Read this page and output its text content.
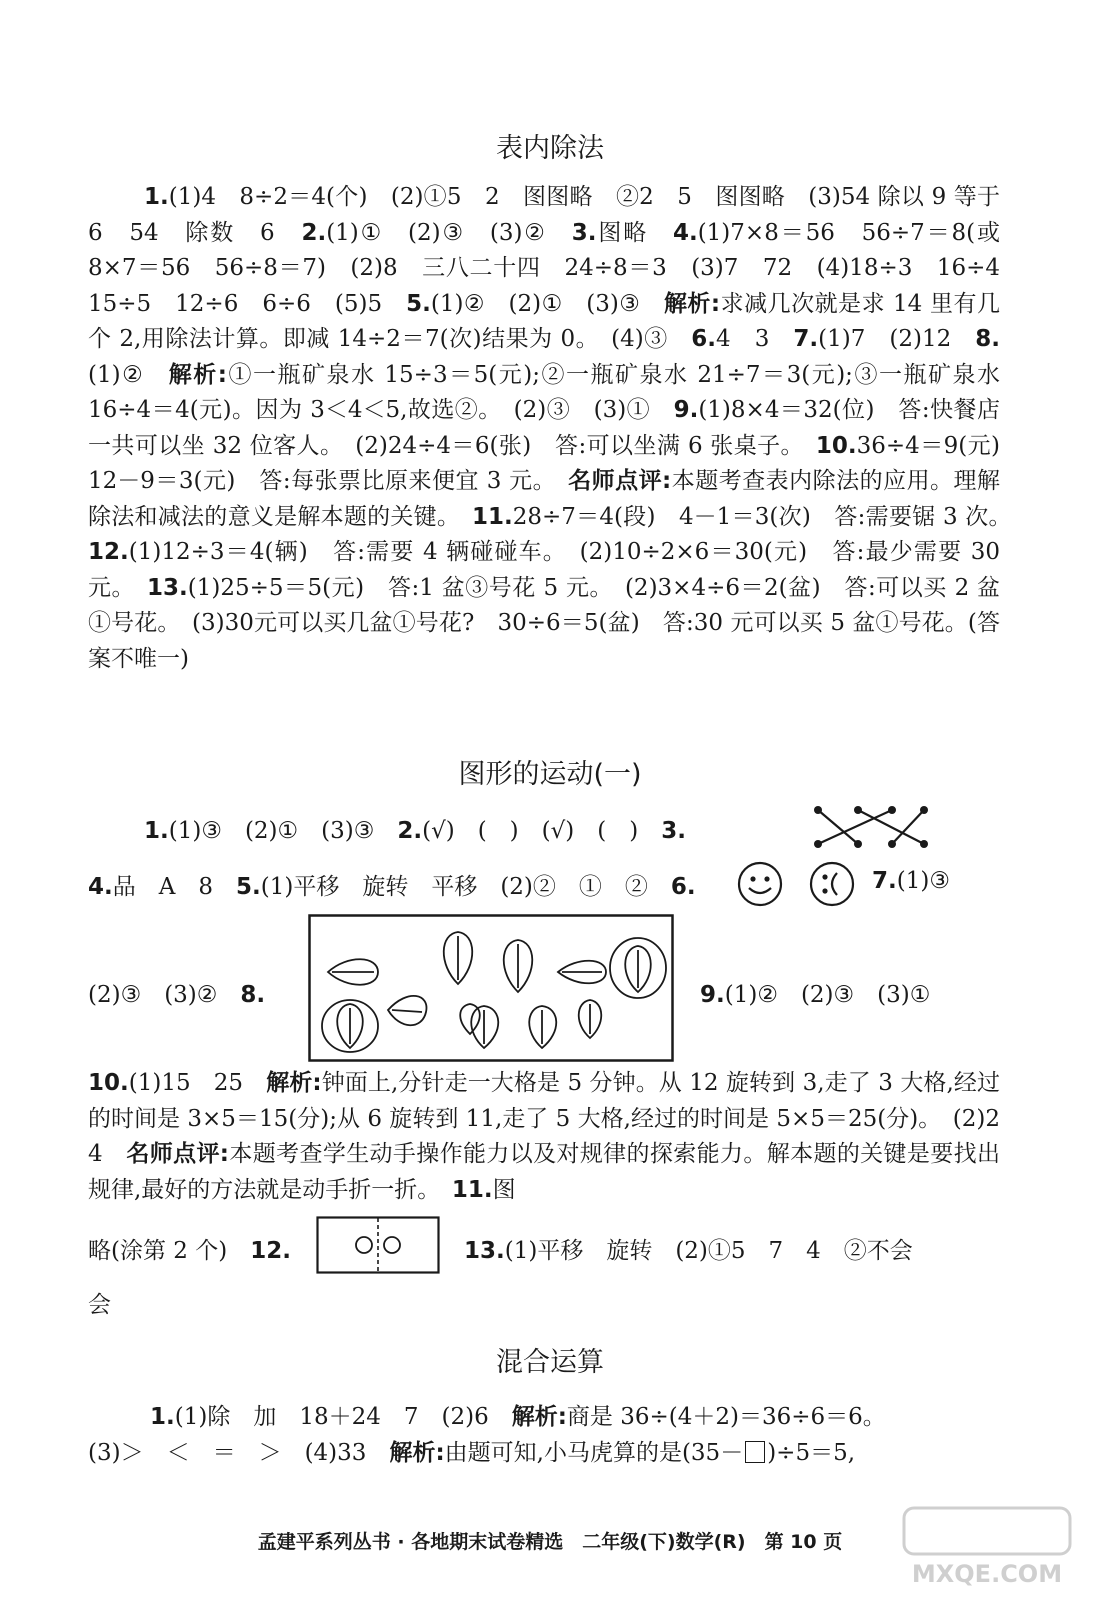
表内除法
1.(1)4　8÷2＝4(个)　(2)①5　2　图图略　②2　5　图图略　(3)54 除以 9 等于 6　54　除数　6　2.(1)①　(2)③　(3)②　3.图略　4.(1)7×8＝56　56÷7＝8(或 8×7＝56　56÷8＝7)　(2)8　三八二十四　24÷8＝3　(3)7　72　(4)18÷3　16÷4　15÷5　12÷6　6÷6　(5)5　5.(1)②　(2)①　(3)③　解析:求减几次就是求 14 里有几个 2,用除法计算。即减 14÷2＝7(次)结果为 0。　(4)③　6.4　3　7.(1)7　(2)12　8.(1)②　解析:①一瓶矿泉水 15÷3＝5(元);②一瓶矿泉水 21÷7＝3(元);③一瓶矿泉水 16÷4＝4(元)。因为 3＜4＜5,故选②。　(2)③　(3)①　9.(1)8×4＝32(位)　答:快餐店一共可以坐 32 位客人。　(2)24÷4＝6(张)　答:可以坐满 6 张桌子。　10.36÷4＝9(元)　12－9＝3(元)　答:每张票比原来便宜 3 元。　名师点评:本题考查表内除法的应用。理解除法和减法的意义是解本题的关键。　11.28÷7＝4(段)　4－1＝3(次)　答:需要锯 3 次。　12.(1)12÷3＝4(辆)　答:需要 4 辆碰碰车。　(2)10÷2×6＝30(元)　答:最少需要 30 元。　13.(1)25÷5＝5(元)　答:1 盆③号花 5 元。　(2)3×4÷6＝2(盆)　答:可以买 2 盆①号花。　(3)30元可以买几盆①号花?　30÷6＝5(盆)　答:30 元可以买 5 盆①号花。(答案不唯一)
图形的运动(一)
1.(1)③　(2)①　(3)③　2.(√)　(　)　(√)　(　)　3.
4.品　A　8　5.(1)平移　旋转　平移　(2)②　①　②　6.	7.(1)③
(2)③　(3)②　8.	9.(1)②　(2)③　(3)①
10.(1)15　25　解析:钟面上,分针走一大格是 5 分钟。从 12 旋转到 3,走了 3 大格,经过的时间是 3×5＝15(分);从 6 旋转到 11,走了 5 大格,经过的时间是 5×5＝25(分)。　(2)2　4　名师点评:本题考查学生动手操作能力以及对规律的探索能力。解本题的关键是要找出规律,最好的方法就是动手折一折。　11.图
略(涂第 2 个)　12.	13.(1)平移　旋转　(2)①5　7　4　②不会
会
混合运算
1.(1)除　加　18＋24　7　(2)6　解析:商是 36÷(4＋2)＝36÷6＝6。
(3)＞　＜　＝　＞　(4)33　解析:由题可知,小马虎算的是(35－ )÷5＝5,
孟建平系列丛书 · 各地期末试卷精选　二年级(下)数学(R)　第 10 页
MXQE.COM
